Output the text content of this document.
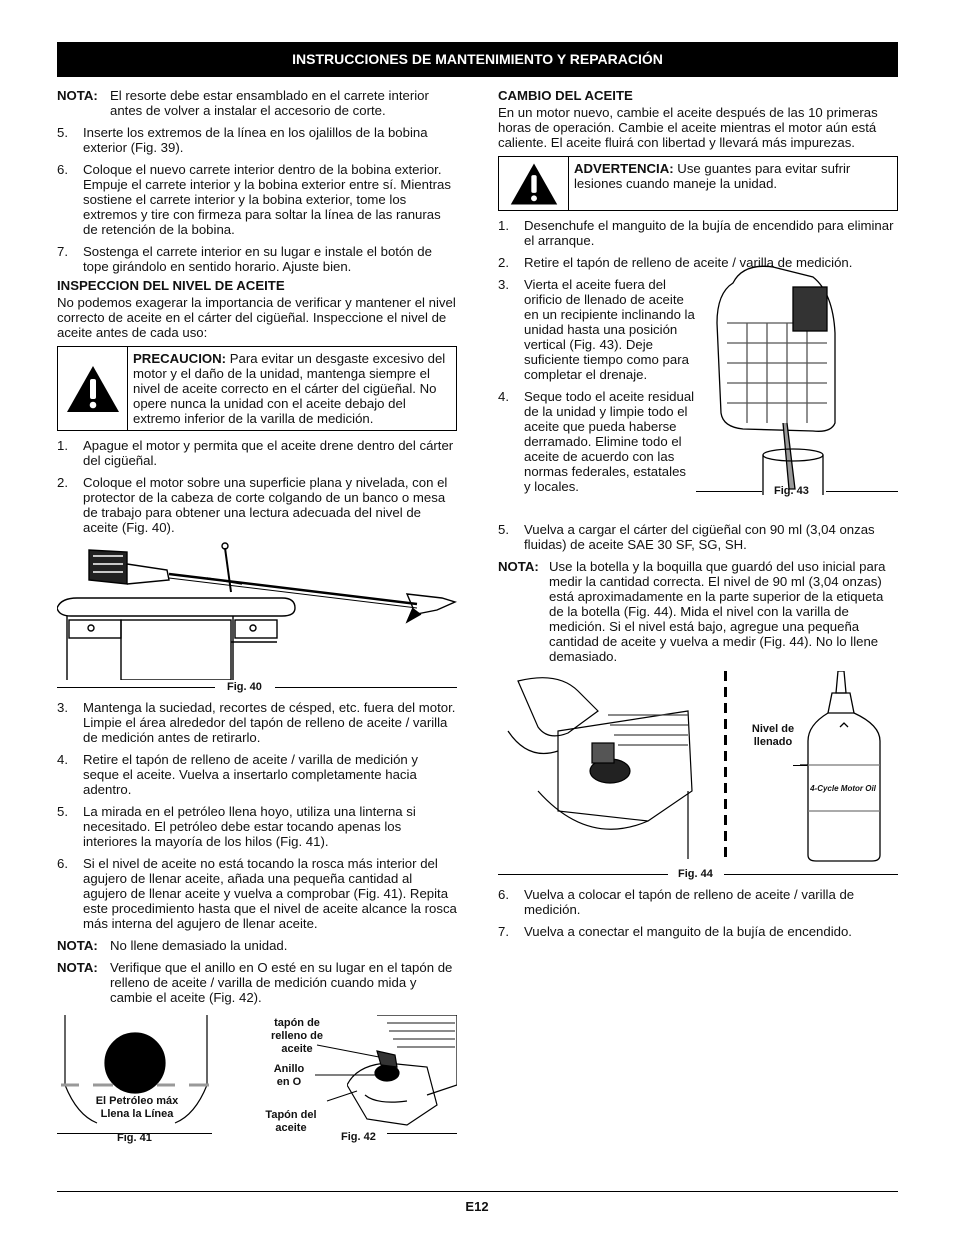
INSTRUCCIONES DE MANTENIMIENTO Y REPARACIÓN
NOTA: El resorte debe estar ensamblado en el carrete interior antes de volver a instalar el accesorio de corte.
5.	Inserte los extremos de la línea en los ojalillos de la bobina exterior (Fig. 39).
6.	Coloque el nuevo carrete interior dentro de la bobina exterior. Empuje el carrete interior y la bobina exterior entre sí. Mientras sostiene el carrete interior y la bobina exterior, tome los extremos y tire con firmeza para soltar la línea de las ranuras de retención de la bobina.
7.	Sostenga el carrete interior en su lugar e instale el botón de tope girándolo en sentido horario. Ajuste bien.
INSPECCION DEL NIVEL DE ACEITE
No podemos exagerar la importancia de verificar y mantener el nivel correcto de aceite en el cárter del cigüeñal. Inspeccione el nivel de aceite antes de cada uso:
PRECAUCION: Para evitar un desgaste excesivo del motor y el daño de la unidad, mantenga siempre el nivel de aceite correcto en el cárter del cigüeñal. No opere nunca la unidad con el aceite debajo del extremo inferior de la varilla de medición.
1.	Apague el motor y permita que el aceite drene dentro del cárter del cigüeñal.
2.	Coloque el motor sobre una superficie plana y nivelada, con el protector de la cabeza de corte colgando de un banco o mesa de trabajo para obtener una lectura adecuada del nivel de aceite (Fig. 40).
Fig. 40
3.	Mantenga la suciedad, recortes de césped, etc. fuera del motor. Limpie el área alrededor del tapón de relleno de aceite / varilla de medición antes de retirarlo.
4.	Retire el tapón de relleno de aceite / varilla de medición y seque el aceite. Vuelva a insertarlo completamente hacia adentro.
5.	La mirada en el petróleo llena hoyo, utiliza una linterna si necesitado. El petróleo debe estar tocando apenas los interiores la mayoría de los hilos (Fig. 41).
6.	Si el nivel de aceite no está tocando la rosca más interior del agujero de llenar aceite, añada una pequeña cantidad al agujero de llenar aceite y vuelva a comprobar (Fig. 41). Repita este procedimiento hasta que el nivel de aceite alcance la rosca más interna del agujero de llenar aceite.
NOTA: No llene demasiado la unidad.
NOTA: Verifique que el anillo en O esté en su lugar en el tapón de relleno de aceite / varilla de medición cuando mida y cambie el aceite (Fig. 42).
El Petróleo máx Llena la Línea
Fig. 41
tapón de relleno de aceite
Anillo en O
Tapón del aceite
Fig. 42
CAMBIO DEL ACEITE
En un motor nuevo, cambie el aceite después de las 10 primeras horas de operación. Cambie el aceite mientras el motor aún está caliente. El aceite fluirá con libertad y llevará más impurezas.
ADVERTENCIA: Use guantes para evitar sufrir lesiones cuando maneje la unidad.
1.	Desenchufe el manguito de la bujía de encendido para eliminar el arranque.
2.	Retire el tapón de relleno de aceite / varilla de medición.
3.	Vierta el aceite fuera del orificio de llenado de aceite en un recipiente inclinando la unidad hasta una posición vertical (Fig. 43). Deje suficiente tiempo como para completar el drenaje.
4.	Seque todo el aceite residual de la unidad y limpie todo el aceite que pueda haberse derramado. Elimine todo el aceite de acuerdo con las normas federales, estatales y locales.	Fig. 43
5.	Vuelva a cargar el cárter del cigüeñal con 90 ml (3,04 onzas fluidas) de aceite SAE 30 SF, SG, SH.
NOTA: Use la botella y la boquilla que guardó del uso inicial para medir la cantidad correcta. El nivel de 90 ml (3,04 onzas) está aproximadamente en la parte superior de la etiqueta de la botella (Fig. 44). Mida el nivel con la varilla de medición. Si el nivel está bajo, agregue una pequeña cantidad de aceite y vuelva a medir (Fig. 44). No lo llene demasiado.
Nivel de llenado
4-Cycle Motor Oil
Fig. 44
6.	Vuelva a colocar el tapón de relleno de aceite / varilla de medición.
7.	Vuelva a conectar el manguito de la bujía de encendido.
E12
